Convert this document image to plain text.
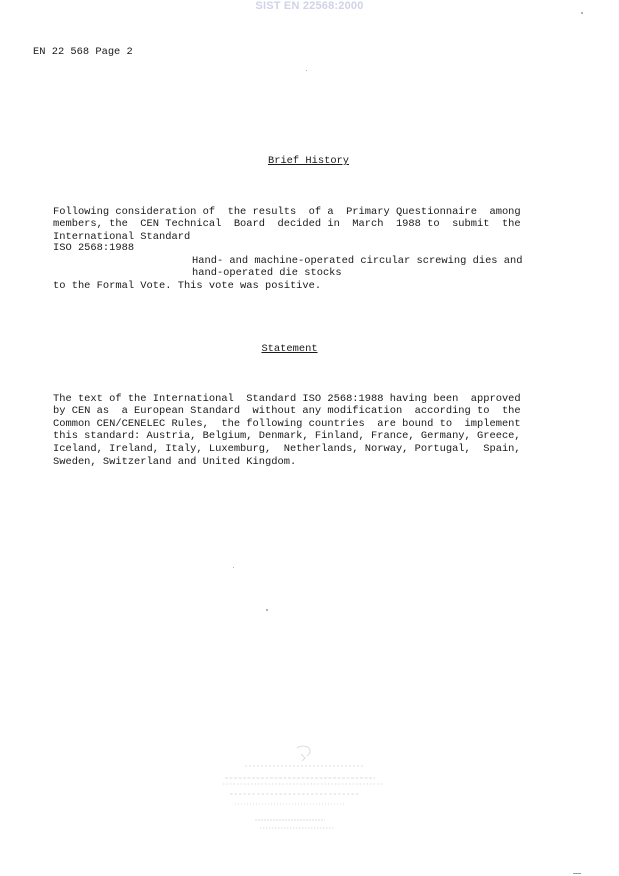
SIST EN 22568:2000
EN 22 568 Page 2
Brief History

Following consideration of  the results  of a  Primary Questionnaire  among
members, the  CEN Technical  Board  decided in  March  1988 to  submit  the
International Standard

ISO 2568:1988

Hand- and machine-operated circular screwing dies and
hand-operated die stocks

to the Formal Vote. This vote was positive.
Statement

The text of the International  Standard ISO 2568:1988 having been  approved
by CEN as  a European Standard  without any modification  according to  the
Common CEN/CENELEC Rules,  the following countries  are bound to  implement
this standard: Austria, Belgium, Denmark, Finland, France, Germany, Greece,
Iceland, Ireland, Italy, Luxemburg,  Netherlands, Norway, Portugal,  Spain,
Sweden, Switzerland and United Kingdom.
